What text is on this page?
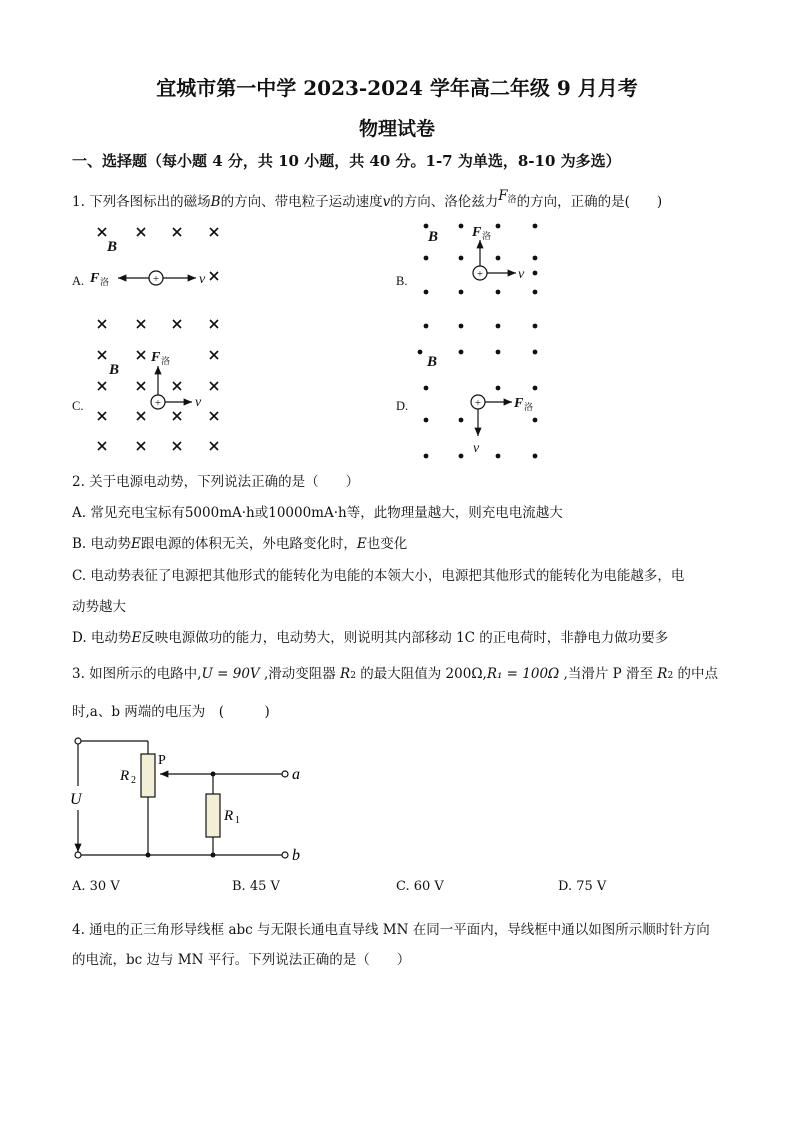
宜城市第一中学 2023-2024 学年高二年级 9 月月考
物理试卷
一、选择题（每小题 4 分，共 10 小题，共 40 分。1-7 为单选，8-10 为多选）
1. 下列各图标出的磁场B的方向、带电粒子运动速度v的方向、洛伦兹力$F^洛$的方向，正确的是(　　)
A.
B
+
F 洛	v	B.
B
+
F 洛
v
C.
B
+
F 洛
v	D.
B
+ F 洛
v
2. 关于电源电动势，下列说法正确的是（　　）
A. 常见充电宝标有5000mA·h或10000mA·h等，此物理量越大，则充电电流越大
B. 电动势E跟电源的体积无关，外电路变化时，E也变化
C. 电动势表征了电源把其他形式的能转化为电能的本领大小，电源把其他形式的能转化为电能越多，电
动势越大
D. 电动势E反映电源做功的能力，电动势大，则说明其内部移动 1C 的正电荷时，非静电力做功要多
3. 如图所示的电路中,U = 90V ,滑动变阻器 R2 的最大阻值为 200Ω,R₁ = 100Ω ,当滑片 P 滑至 R2 的中点
时,a、b 两端的电压为　(　　　)
U
R 2
P
R 1
a
b
A. 30 V	B. 45 V	C. 60 V	D. 75 V
4. 通电的正三角形导线框 abc 与无限长通电直导线 MN 在同一平面内，导线框中通以如图所示顺时针方向
的电流，bc 边与 MN 平行。下列说法正确的是（　　）
